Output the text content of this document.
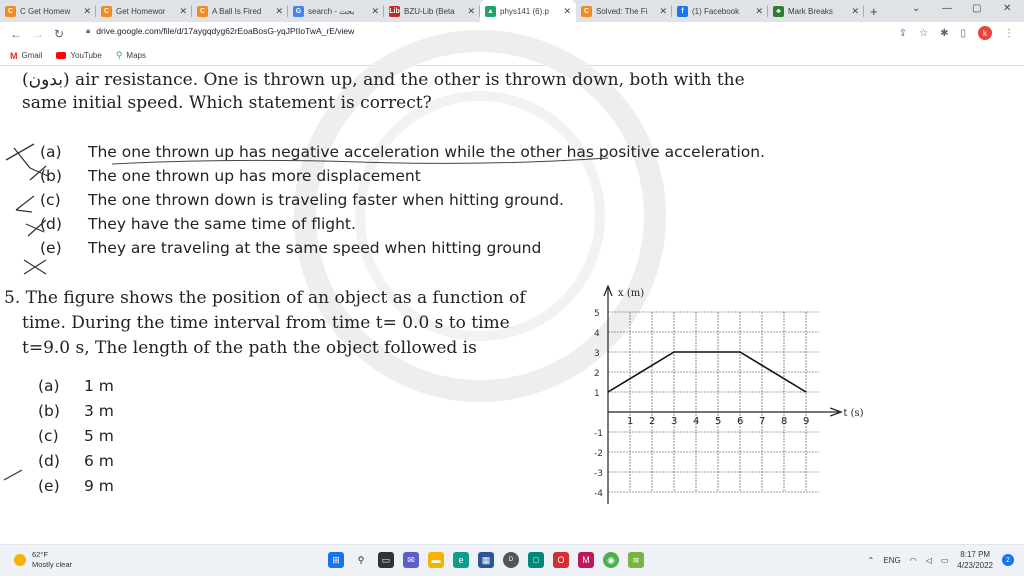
C C Get Homew	✕	C Get Homewor	✕	C A Ball Is Fired	✕	G search - بحث	✕ Lib BZU-Lib (Beta	✕ ▲ phys141 (6).p	✕	C Solved: The Fi	✕	f	(1) Facebook	✕	♣ Mark Breaks	✕ +	⌄ — ▢ ✕
← → ↻	🔒︎ drive.google.com/file/d/17aygqdyg62rEoaBosG-yqJPIIoTwA_rE/view	⇪ ☆ ✱ ▯	k	⋮
M Gmail	YouTube ⚲ Maps
(بدون) air resistance. One is thrown up, and the other is thrown down, both with the
same initial speed. Which statement is correct?
(a) The one thrown up has negative acceleration while the other has positive acceleration.
(b) The one thrown up has more displacement
(c) The one thrown down is traveling faster when hitting ground.
(d) They have the same time of flight.
(e) They are traveling at the same speed when hitting ground
5. The figure shows the position of an object as a function of
time. During the time interval from time t= 0.0 s to time
t=9.0 s, The length of the path the object followed is
(a) 1 m
(b) 3 m
(c) 5 m
(d) 6 m
(e) 9 m
x (m)
t (s)
5
4
3
2
1
-1
-2
-3
-4
1 2 3 4 5 6 7 8 9
62°F
Mostly clear	⊞	⚲	▭	✉	▬	e	▦	D	□	O	M	◉	≋	⌃ ENG ◠ ◁ ▭
8:17 PM
4/23/2022
2
